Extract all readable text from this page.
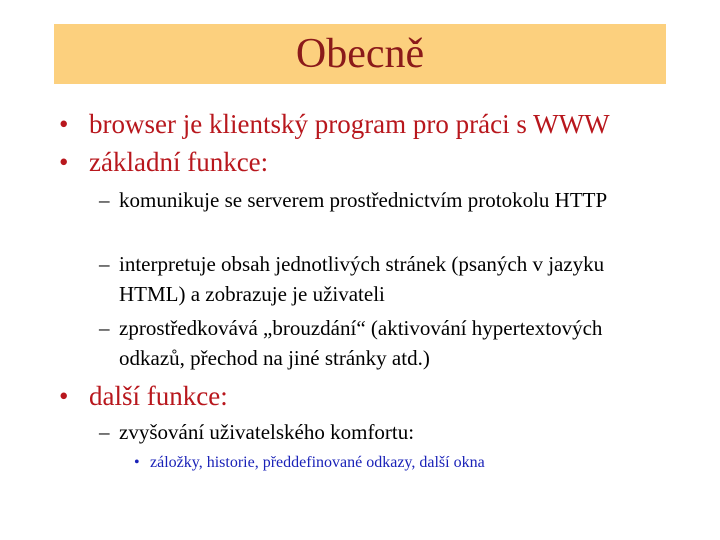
Obecně
• browser je klientský program pro práci s WWW
• základní funkce:
– komunikuje se serverem prostřednictvím protokolu HTTP
– interpretuje obsah jednotlivých stránek (psaných v jazyku HTML) a zobrazuje je uživateli
– zprostředkovává „brouzdání“ (aktivování hypertextových odkazů, přechod na jiné stránky atd.)
• další funkce:
– zvyšování uživatelského komfortu:
• záložky, historie, předdefinované odkazy, další okna
